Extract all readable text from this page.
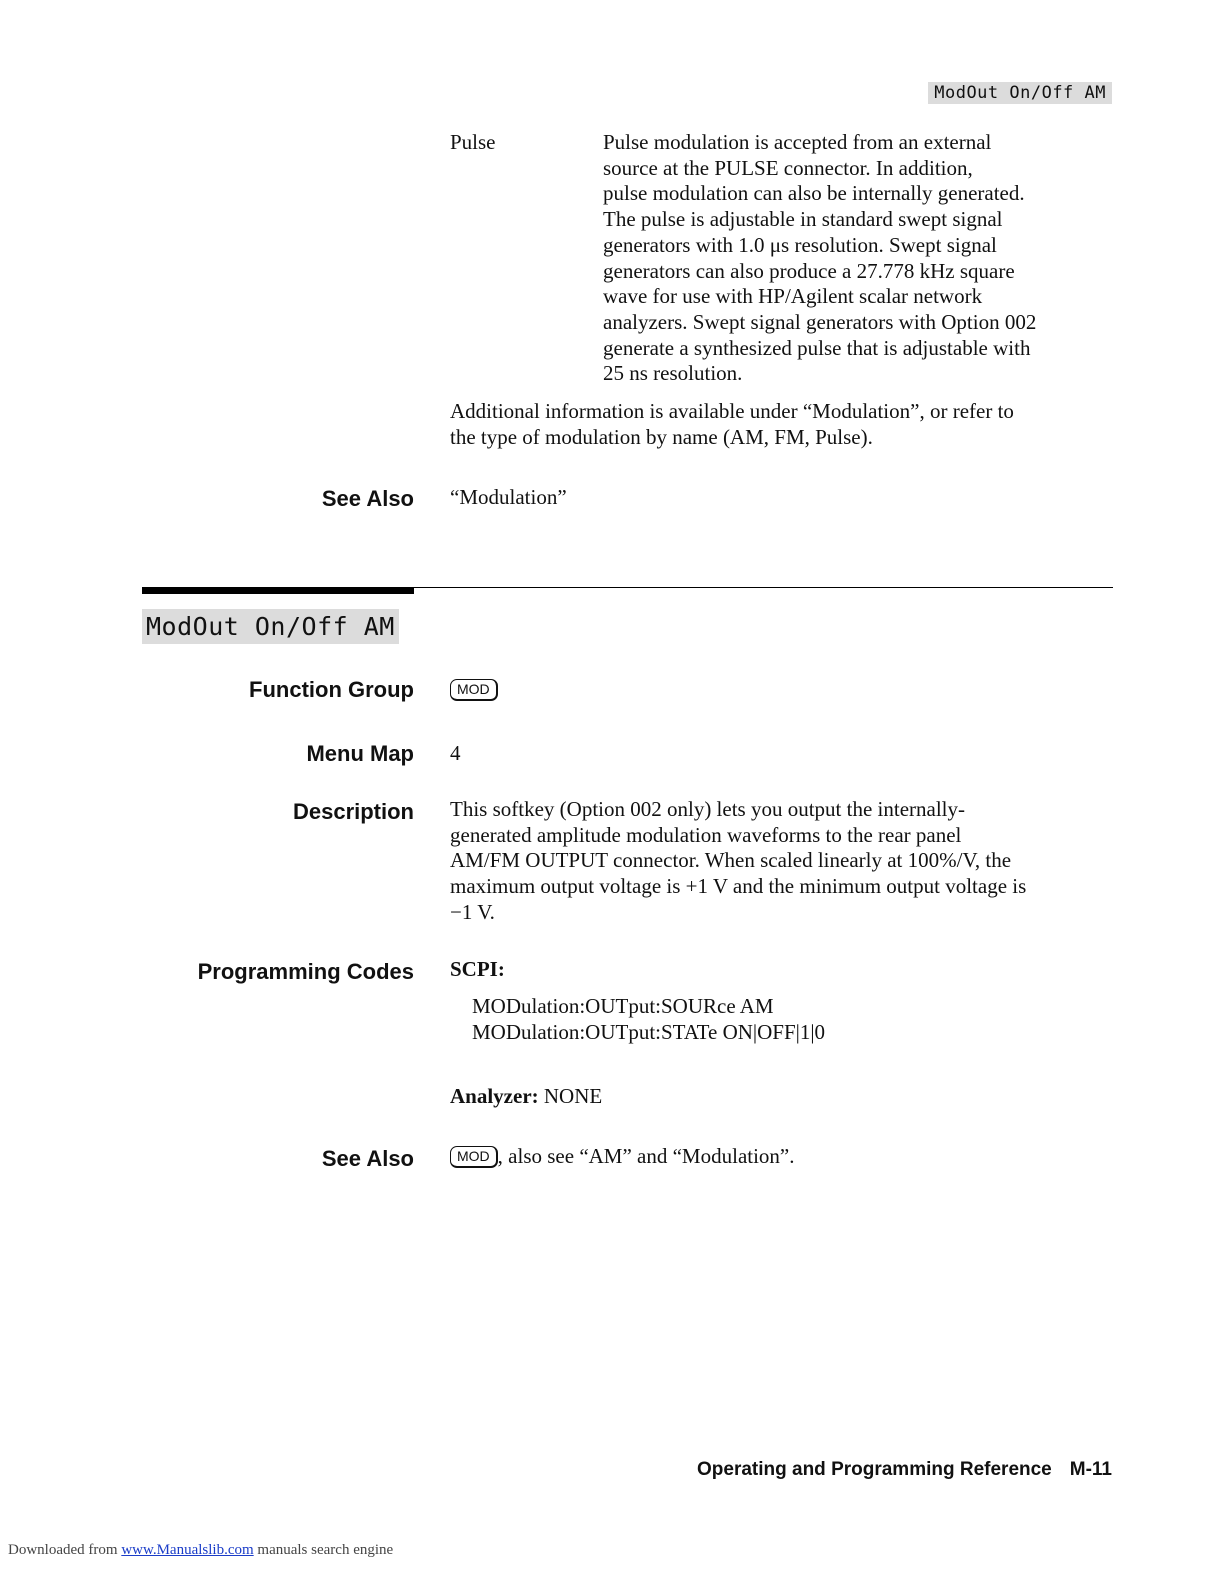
ModOut On/Off AM
Pulse	Pulse modulation is accepted from an external
source at the PULSE connector. In addition,
pulse modulation can also be internally generated.
The pulse is adjustable in standard swept signal
generators with 1.0 μs resolution. Swept signal
generators can also produce a 27.778 kHz square
wave for use with HP/Agilent scalar network
analyzers. Swept signal generators with Option 002
generate a synthesized pulse that is adjustable with
25 ns resolution.
Additional information is available under “Modulation”, or refer to
the type of modulation by name (AM, FM, Pulse).
See Also “Modulation”
ModOut On/Off AM
Function Group	MOD
Menu Map 4
Description This softkey (Option 002 only) lets you output the internally-
generated amplitude modulation waveforms to the rear panel
AM/FM OUTPUT connector. When scaled linearly at 100%/V, the
maximum output voltage is +1 V and the minimum output voltage is
−1 V.
Programming Codes SCPI:
MODulation:OUTput:SOURce AM
MODulation:OUTput:STATe ON|OFF|1|0
Analyzer: NONE
See Also	MOD , also see “AM” and “Modulation”.
Operating and Programming Reference M-11
Downloaded from www.Manualslib.com manuals search engine
